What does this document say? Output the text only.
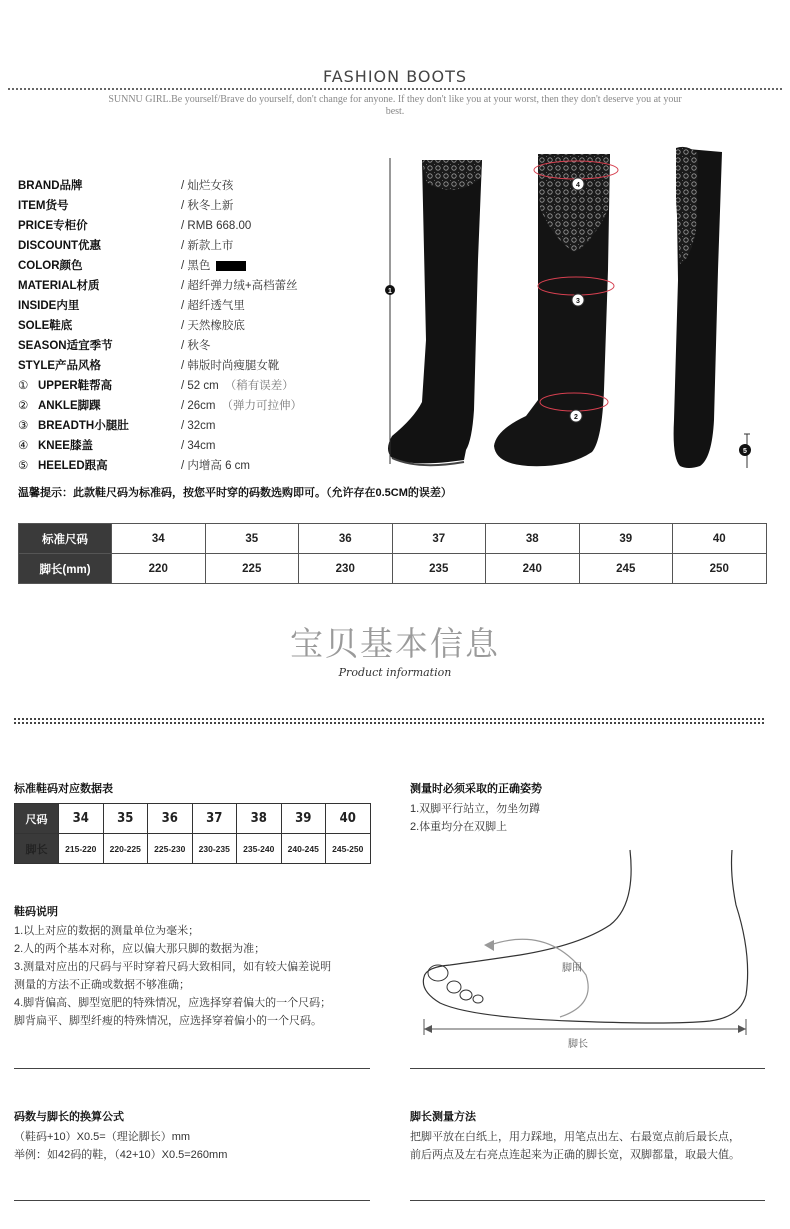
FASHION BOOTS
SUNNU GIRL.Be yourself/Brave do yourself, don't change for anyone. If they don't like you at your worst, then they don't deserve you at your best.
BRAND品牌	/ 灿烂女孩
ITEM货号	/ 秋冬上新
PRICE专柜价	/ RMB 668.00
DISCOUNT优惠	/ 新款上市
COLOR颜色	/ 黑色
MATERIAL材质	/ 超纤弹力绒+高档蕾丝
INSIDE内里	/ 超纤透气里
SOLE鞋底	/ 天然橡胶底
SEASON适宜季节	/ 秋冬
STYLE产品风格	/ 韩版时尚瘦腿女靴
① UPPER鞋帮高	/ 52 cm （稍有误差）
② ANKLE脚踝	/ 26cm （弹力可拉伸）
③ BREADTH小腿肚	/ 32cm
④ KNEE膝盖	/ 34cm
⑤ HEELED跟高	/ 内增高 6 cm
1
4
3
2
5
温馨提示：此款鞋尺码为标准码，按您平时穿的码数选购即可。（允许存在0.5CM的误差）
标准尺码	34	35	36	37	38	39	40
脚长(mm)	220	225	230	235	240	245	250
宝贝基本信息
Product information
标准鞋码对应数据表
尺码	34	35	36	37	38	39	40
脚长	215-220	220-225	225-230	230-235	235-240	240-245	245-250
鞋码说明
1.以上对应的数据的测量单位为毫米；
2.人的两个基本对称，应以偏大那只脚的数据为准；
3.测量对应出的尺码与平时穿着尺码大致相同，如有较大偏差说明
测量的方法不正确或数据不够准确；
4.脚背偏高、脚型宽肥的特殊情况，应选择穿着偏大的一个尺码；
脚背扁平、脚型纤瘦的特殊情况，应选择穿着偏小的一个尺码。
测量时必须采取的正确姿势
1.双脚平行站立，勿坐勿蹲
2.体重均分在双脚上
脚围
脚长
码数与脚长的换算公式
（鞋码+10）X0.5=（理论脚长）mm
举例：如42码的鞋，（42+10）X0.5=260mm
脚长测量方法
把脚平放在白纸上，用力踩地，用笔点出左、右最宽点前后最长点，
前后两点及左右亮点连起来为正确的脚长宽，双脚都量，取最大值。
